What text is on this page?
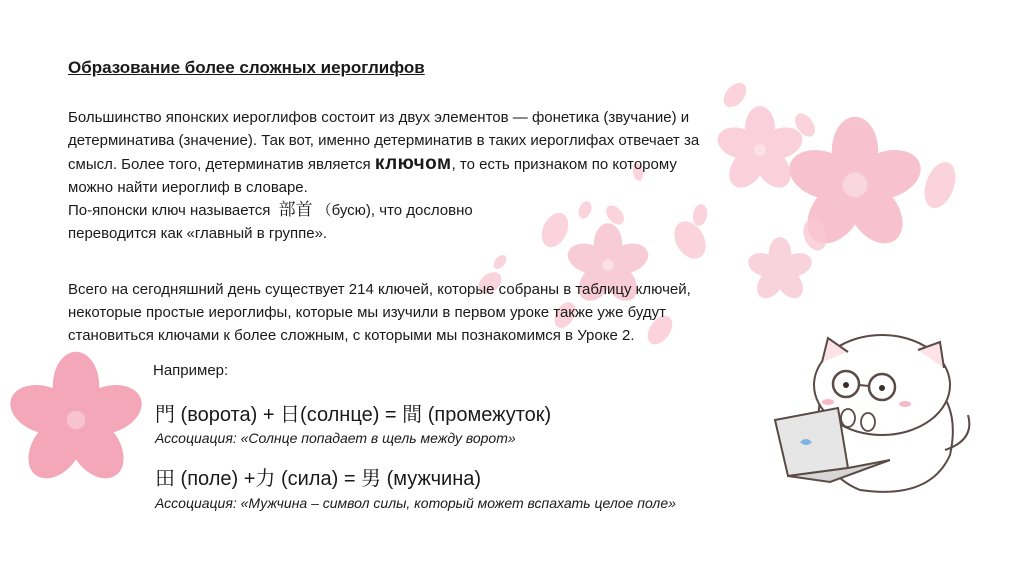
Образование более сложных иероглифов
Большинство японских иероглифов состоит из двух элементов — фонетика (звучание) и
детерминатива (значение). Так вот, именно детерминатив в таких иероглифах отвечает за
смысл. Более того, детерминатив является ключом, то есть признаком по которому
можно найти иероглиф в словаре.
По-японски ключ называется 部首 （бусю), что дословно
переводится как «главный в группе».
Всего на сегодняшний день существует 214 ключей, которые собраны в таблицу ключей,
некоторые простые иероглифы, которые мы изучили в первом уроке также уже будут
становиться ключами к более сложным, с которыми мы познакомимся в Уроке 2.
Например:
門 (ворота) + 日(солнце) = 間 (промежуток)
Ассоциация: «Солнце попадает в щель между ворот»
田 (поле) +力 (сила) = 男 (мужчина)
Ассоциация: «Мужчина – символ силы, который может вспахать целое поле»
